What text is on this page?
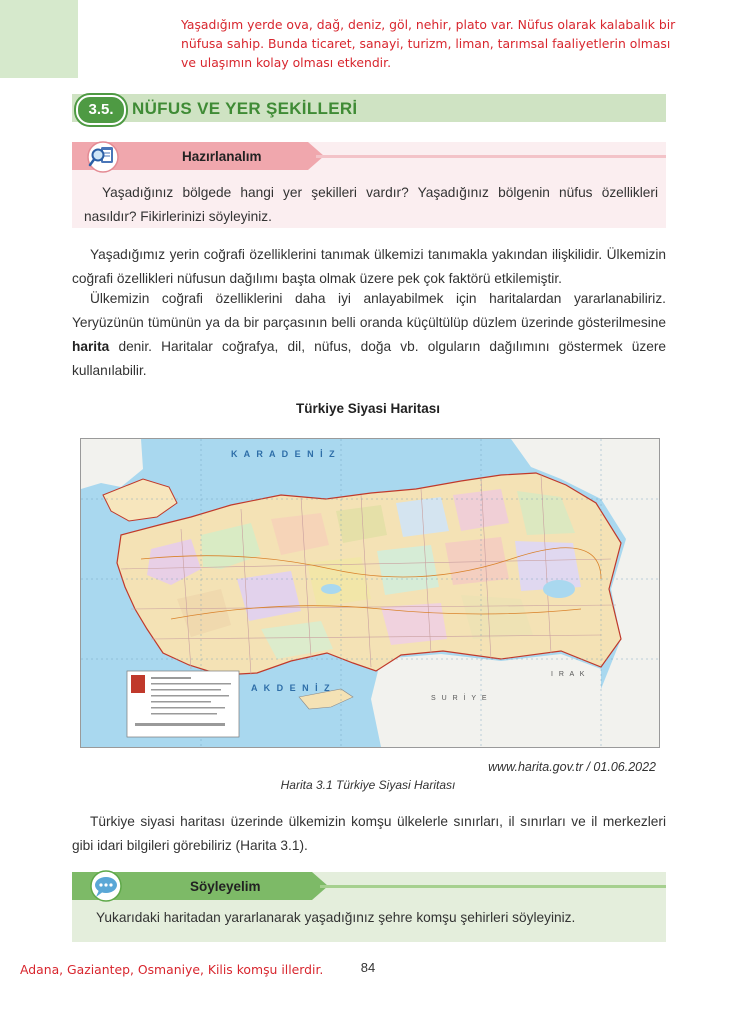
Yaşadığım yerde ova, dağ, deniz, göl, nehir, plato var. Nüfus olarak kalabalık bir nüfusa sahip. Bunda ticaret, sanayi, turizm, liman, tarımsal faaliyetlerin olması ve ulaşımın kolay olması etkendir.
3.5.	NÜFUS VE YER ŞEKİLLERİ
Hazırlanalım
Yaşadığınız bölgede hangi yer şekilleri vardır? Yaşadığınız bölgenin nüfus özellikleri nasıldır? Fikirlerinizi söyleyiniz.
Yaşadığımız yerin coğrafi özelliklerini tanımak ülkemizi tanımakla yakından ilişkilidir. Ülkemizin coğrafi özellikleri nüfusun dağılımı başta olmak üzere pek çok faktörü etkilemiştir.
Ülkemizin coğrafi özelliklerini daha iyi anlayabilmek için haritalardan yararlanabiliriz. Yeryüzünün tümünün ya da bir parçasının belli oranda küçültülüp düzlem üzerinde gösterilmesine harita denir. Haritalar coğrafya, dil, nüfus, doğa vb. olguların dağılımını göstermek üzere kullanılabilir.
Türkiye Siyasi Haritası
K A R A D E N İ Z
A K D E N İ Z
S U R İ Y E
I R A K
www.harita.gov.tr / 01.06.2022
Harita 3.1 Türkiye Siyasi Haritası
Türkiye siyasi haritası üzerinde ülkemizin komşu ülkelerle sınırları, il sınırları ve il merkezleri gibi idari bilgileri görebiliriz (Harita 3.1).
Söyleyelim
Yukarıdaki haritadan yararlanarak yaşadığınız şehre komşu şehirleri söyleyiniz.
Adana, Gaziantep, Osmaniye, Kilis komşu illerdir.	84
